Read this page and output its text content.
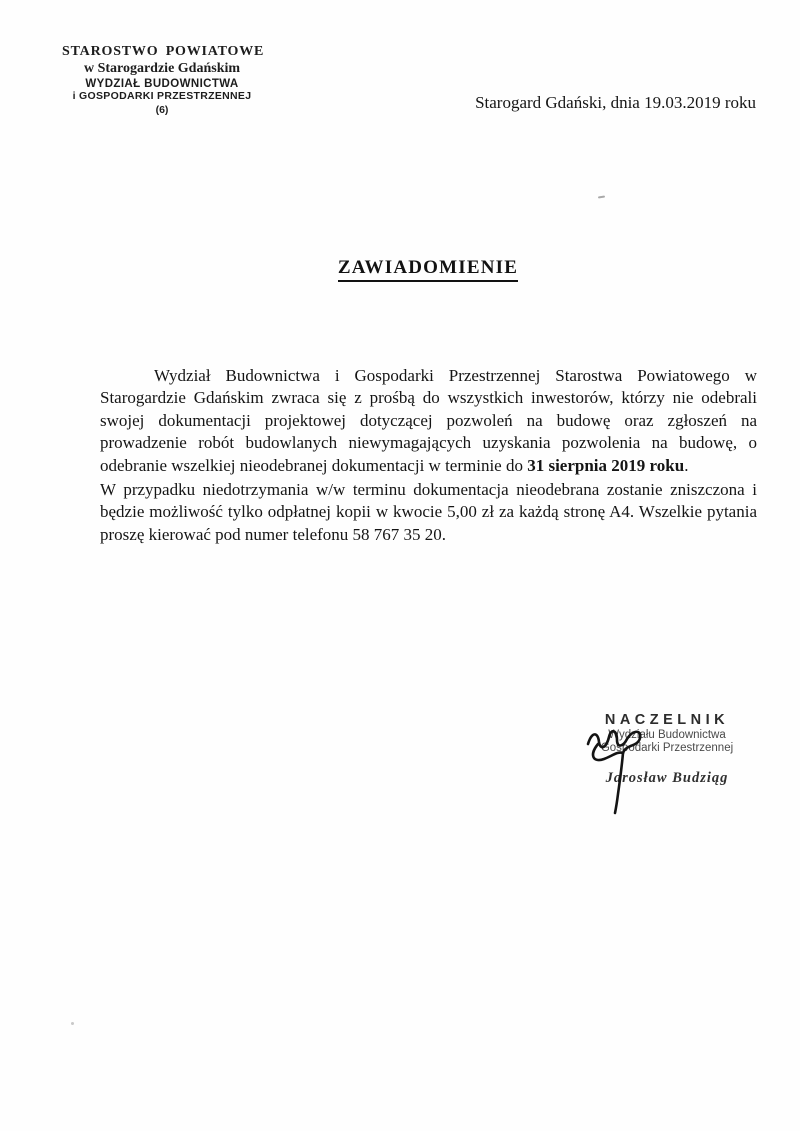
STAROSTWO POWIATOWE
w Starogardzie Gdańskim
WYDZIAŁ BUDOWNICTWA
i GOSPODARKI PRZESTRZENNEJ
(6)	Starogard Gdański, dnia 19.03.2019 roku
ZAWIADOMIENIE

Wydział Budownictwa i Gospodarki Przestrzennej Starostwa Powiatowego w Starogardzie Gdańskim zwraca się z prośbą do wszystkich inwestorów, którzy nie odebrali swojej dokumentacji projektowej dotyczącej pozwoleń na budowę oraz zgłoszeń na prowadzenie robót budowlanych niewymagających uzyskania pozwolenia na budowę, o odebranie wszelkiej nieodebranej dokumentacji w terminie do 31 sierpnia 2019 roku.

W przypadku niedotrzymania w/w terminu dokumentacja nieodebrana zostanie zniszczona i będzie możliwość tylko odpłatnej kopii w kwocie 5,00 zł za każdą stronę A4. Wszelkie pytania proszę kierować pod numer telefonu 58 767 35 20.

NACZELNIK
Wydziału Budownictwa
Gospodarki Przestrzennej
Jarosław Budziąg
